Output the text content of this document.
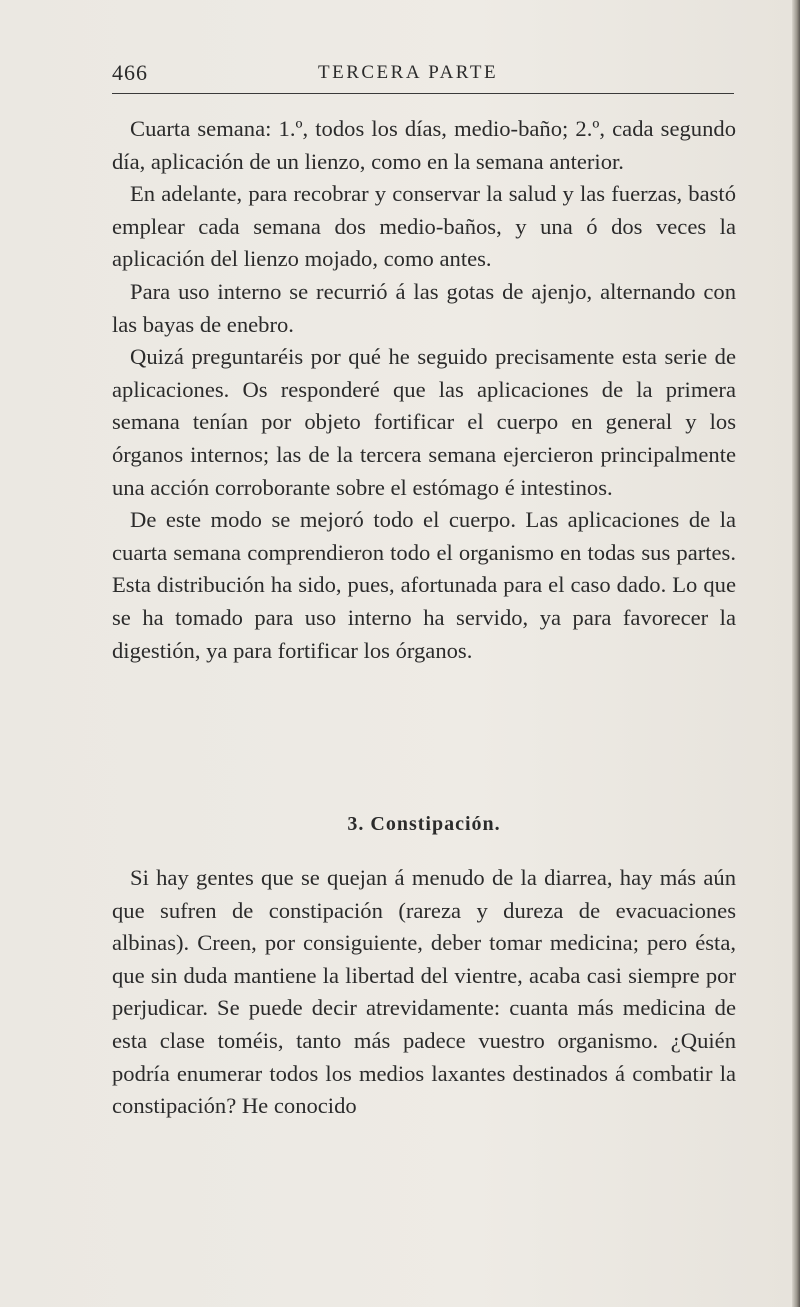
466	TERCERA PARTE

Cuarta semana: 1.º, todos los días, medio-baño; 2.º, cada segundo día, aplicación de un lienzo, como en la semana anterior.

En adelante, para recobrar y conservar la salud y las fuerzas, bastó emplear cada semana dos medio-baños, y una ó dos veces la aplicación del lienzo mojado, como antes.

Para uso interno se recurrió á las gotas de ajenjo, alternando con las bayas de enebro.

Quizá preguntaréis por qué he seguido precisamente esta serie de aplicaciones. Os responderé que las aplicaciones de la primera semana tenían por objeto fortificar el cuerpo en general y los órganos internos; las de la tercera semana ejercieron principalmente una acción corroborante sobre el estómago é intestinos.

De este modo se mejoró todo el cuerpo. Las aplicaciones de la cuarta semana comprendieron todo el organismo en todas sus partes. Esta distribución ha sido, pues, afortunada para el caso dado. Lo que se ha tomado para uso interno ha servido, ya para favorecer la digestión, ya para fortificar los órganos.

3. Constipación.

Si hay gentes que se quejan á menudo de la diarrea, hay más aún que sufren de constipación (rareza y dureza de evacuaciones albinas). Creen, por consiguiente, deber tomar medicina; pero ésta, que sin duda mantiene la libertad del vientre, acaba casi siempre por perjudicar. Se puede decir atrevidamente: cuanta más medicina de esta clase toméis, tanto más padece vuestro organismo. ¿Quién podría enumerar todos los medios laxantes destinados á combatir la constipación? He conocido
